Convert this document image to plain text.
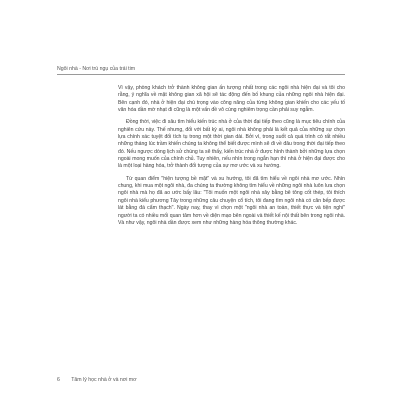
Ngôi nhà - Nơi trú ngụ của trái tim

Vì vậy, phòng khách trở thành không gian ấn tượng nhất trong các ngôi nhà hiện đại và tôi cho rằng, ý nghĩa về mặt không gian xã hội sẽ tác động đến bố khung của những ngôi nhà hiện đại. Bên cạnh đó, nhà ở hiện đại chú trọng vào công năng của từng không gian khiến cho các yếu tố văn hóa dần mờ nhạt đi cũng là một vấn đề vô cùng nghiêm trọng cần phải suy ngẫm.

Đồng thời, việc đi sâu tìm hiểu kiến trúc nhà ở của thời đại tiếp theo cũng là mục tiêu chính của nghiên cứu này. Thế nhưng, đối với bất kỳ ai, ngôi nhà không phải là kết quả của những sự chọn lựa chính xác tuyệt đối tích tụ trong một thời gian dài. Bởi vì, trong suốt cả quá trình có rất nhiều những tháng lúc trầm khiến chúng ta không thể biết được mình sẽ đi về đâu trong thời đại tiếp theo đó. Nếu ngược dòng lịch sử chúng ta sẽ thấy, kiến trúc nhà ở được hình thành bởi những lựa chọn ngoài mong muốn của chính chủ. Tuy nhiên, nếu nhìn trong ngắn hạn thì nhà ở hiện đại được cho là một loại hàng hóa, trở thành đối tượng của sự mơ ước và xu hướng.

Từ quan điểm "hiện tượng bề mặt" và xu hướng, tôi đã tìm hiểu về ngôi nhà mơ ước. Nhìn chung, khi mua một ngôi nhà, đa chúng ta thường không tìm hiểu về những ngôi nhà luôn lưa chọn ngôi nhà mà họ đã ao ước bấy lâu: "Tôi muốn một ngôi nhà xây bằng bê tông cốt thép, tôi thích ngôi nhà kiểu phương Tây trong những câu chuyện cổ tích, tôi đang tìm ngôi nhà có căn bếp được lát bằng đá cẩm thạch". Ngày nay, thay vì chọn một "ngôi nhà an toàn, thiết thực và tiện nghi" người ta có nhiều mối quan tâm hơn về diện mạo bên ngoài và thiết kế nội thất bên trong ngôi nhà. Và như vậy, ngôi nhà dần được xem như những hàng hóa thông thường khác.

6 Tâm lý học nhà ở và nơi mơ
